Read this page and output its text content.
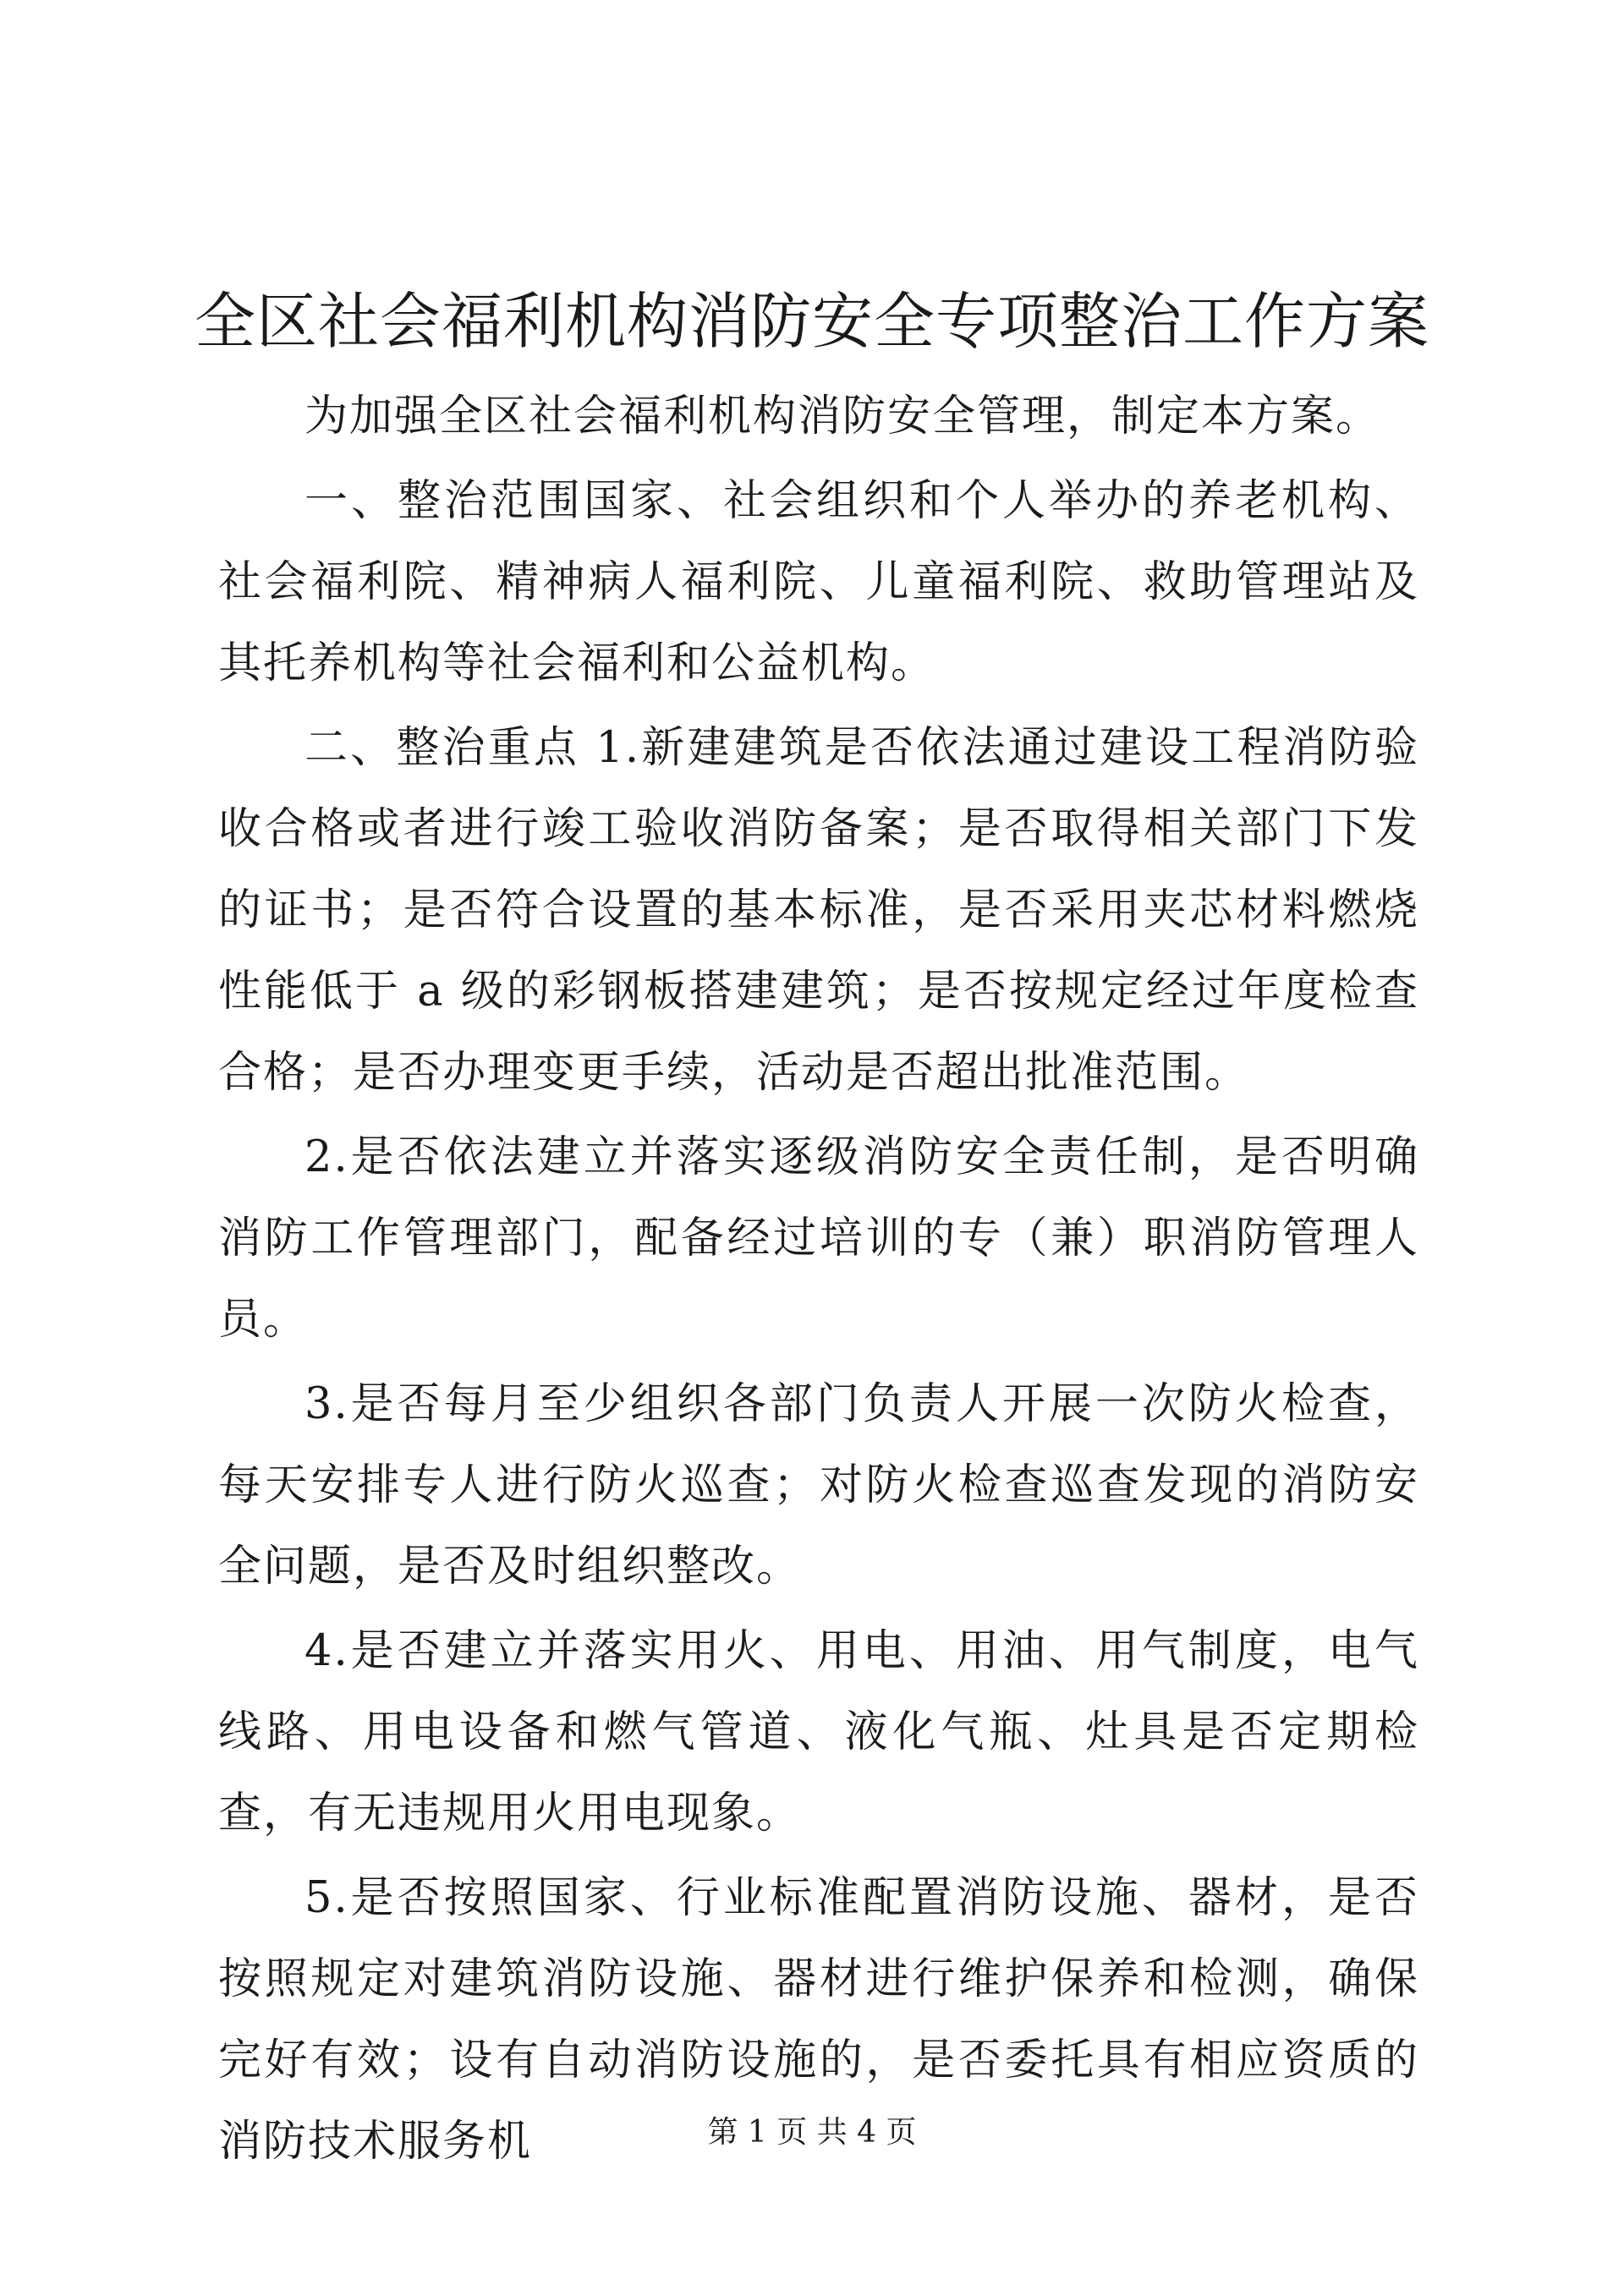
全区社会福利机构消防安全专项整治工作方案

为加强全区社会福利机构消防安全管理，制定本方案。

一、整治范围国家、社会组织和个人举办的养老机构、社会福利院、精神病人福利院、儿童福利院、救助管理站及其托养机构等社会福利和公益机构。

二、整治重点 1.新建建筑是否依法通过建设工程消防验收合格或者进行竣工验收消防备案；是否取得相关部门下发的证书；是否符合设置的基本标准，是否采用夹芯材料燃烧性能低于 a 级的彩钢板搭建建筑；是否按规定经过年度检查合格；是否办理变更手续，活动是否超出批准范围。

2.是否依法建立并落实逐级消防安全责任制，是否明确消防工作管理部门，配备经过培训的专（兼）职消防管理人员。

3.是否每月至少组织各部门负责人开展一次防火检查，每天安排专人进行防火巡查；对防火检查巡查发现的消防安全问题，是否及时组织整改。

4.是否建立并落实用火、用电、用油、用气制度，电气线路、用电设备和燃气管道、液化气瓶、灶具是否定期检查，有无违规用火用电现象。

5.是否按照国家、行业标准配置消防设施、器材，是否按照规定对建筑消防设施、器材进行维护保养和检测，确保完好有效；设有自动消防设施的，是否委托具有相应资质的消防技术服务机	第 1 页 共 4 页
